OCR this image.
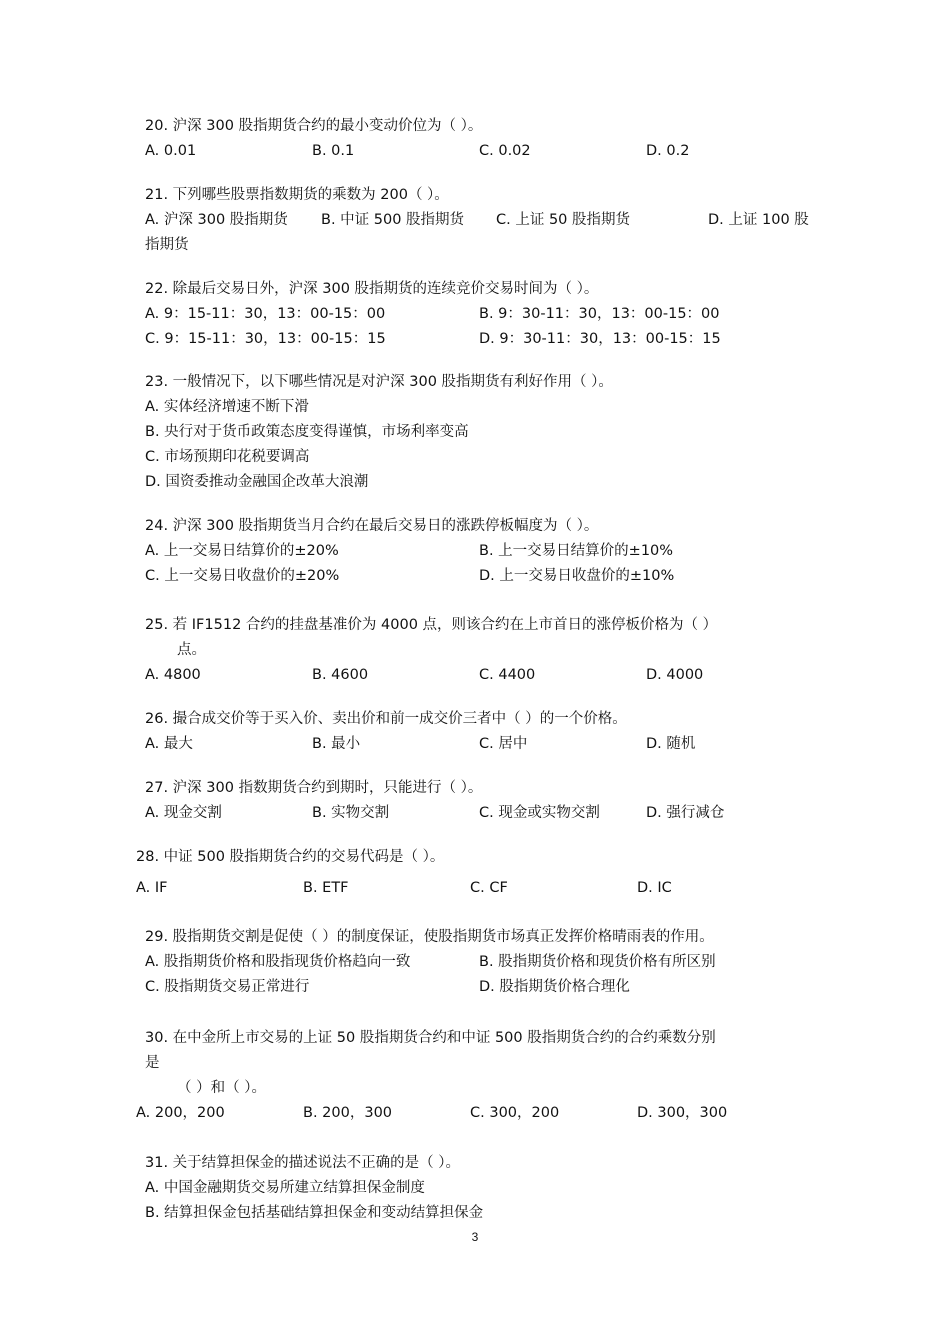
20. 沪深 300 股指期货合约的最小变动价位为（ ）。
A. 0.01	B. 0.1	C. 0.02	D. 0.2
21. 下列哪些股票指数期货的乘数为 200（ ）。
A. 沪深 300 股指期货 B. 中证 500 股指期货 C. 上证 50 股指期货	D. 上证 100 股
指期货
22. 除最后交易日外，沪深 300 股指期货的连续竞价交易时间为（ ）。
A. 9：15-11：30，13：00-15：00	B. 9：30-11：30，13：00-15：00
C. 9：15-11：30，13：00-15：15	D. 9：30-11：30，13：00-15：15
23. 一般情况下，以下哪些情况是对沪深 300 股指期货有利好作用（ ）。
A. 实体经济增速不断下滑
B. 央行对于货币政策态度变得谨慎，市场利率变高
C. 市场预期印花税要调高
D. 国资委推动金融国企改革大浪潮
24. 沪深 300 股指期货当月合约在最后交易日的涨跌停板幅度为（ ）。
A. 上一交易日结算价的±20%	B. 上一交易日结算价的±10%
C. 上一交易日收盘价的±20%	D. 上一交易日收盘价的±10%
25. 若 IF1512 合约的挂盘基准价为 4000 点，则该合约在上市首日的涨停板价格为（ ）
点。
A. 4800	B. 4600	C. 4400	D. 4000
26. 撮合成交价等于买入价、卖出价和前一成交价三者中（ ）的一个价格。
A. 最大	B. 最小	C. 居中	D. 随机
27. 沪深 300 指数期货合约到期时，只能进行（ ）。
A. 现金交割	B. 实物交割	C. 现金或实物交割	D. 强行减仓
28. 中证 500 股指期货合约的交易代码是（ ）。
A. IF	B. ETF	C. CF	D. IC
29. 股指期货交割是促使（ ）的制度保证，使股指期货市场真正发挥价格晴雨表的作用。
A. 股指期货价格和股指现货价格趋向一致	B. 股指期货价格和现货价格有所区别
C. 股指期货交易正常进行	D. 股指期货价格合理化
30. 在中金所上市交易的上证 50 股指期货合约和中证 500 股指期货合约的合约乘数分别
是
（ ）和（ ）。
A. 200，200	B. 200，300	C. 300，200	D. 300，300
31. 关于结算担保金的描述说法不正确的是（ ）。
A. 中国金融期货交易所建立结算担保金制度
B. 结算担保金包括基础结算担保金和变动结算担保金
3
